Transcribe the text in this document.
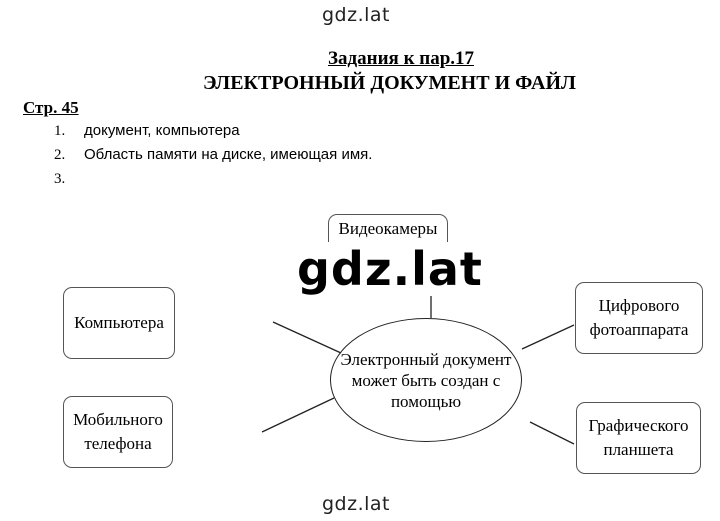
gdz.lat
Задания к пар.17
ЭЛЕКТРОННЫЙ ДОКУМЕНТ И ФАЙЛ
Стр. 45
1. документ, компьютера
2. Область памяти на диске, имеющая имя.
3.
Видеокамеры
Компьютера
Мобильного телефона
Цифрового фотоаппарата
Графического планшета
Электронный документ может быть создан с помощью
gdz.lat
gdz.lat
